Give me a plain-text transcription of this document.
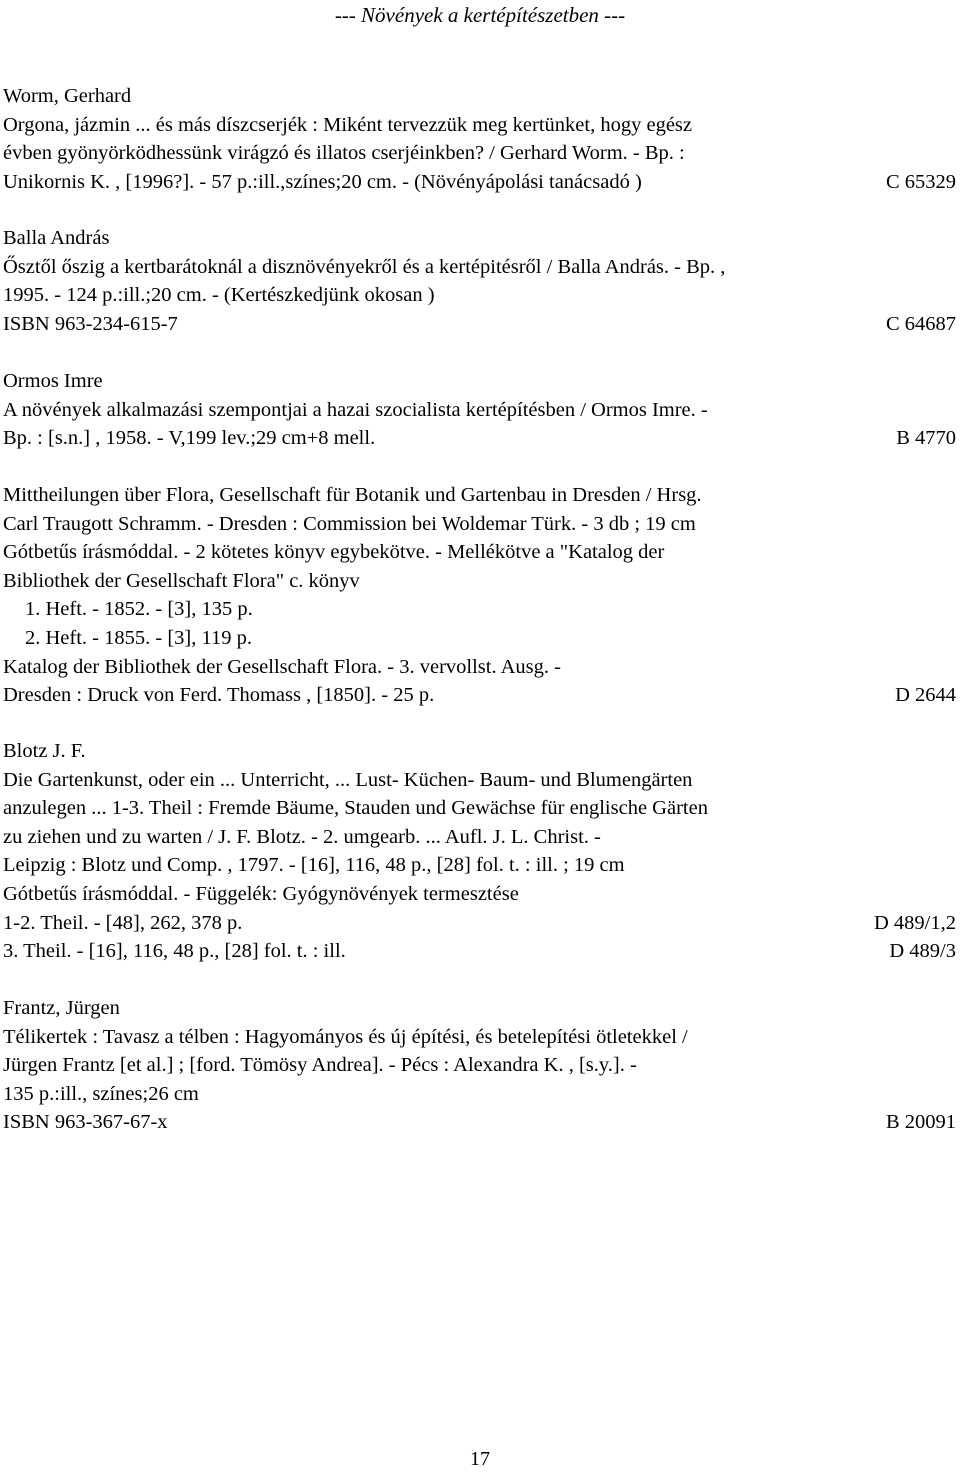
--- Növények a kertépítészetben ---
Worm, Gerhard
Orgona, jázmin ... és más díszcserjék : Miként tervezzük meg kertünket, hogy egész
évben gyönyörködhessünk virágzó és illatos cserjéinkben? / Gerhard Worm. - Bp. :
Unikornis K. , [1996?]. - 57 p.:ill.,színes;20 cm. - (Növényápolási tanácsadó )	C 65329
Balla András
Ősztől őszig a kertbarátoknál a disznövényekről és a kertépitésről / Balla András. - Bp. ,
1995. - 124 p.:ill.;20 cm. - (Kertészkedjünk okosan )
ISBN 963-234-615-7	C 64687
Ormos Imre
A növények alkalmazási szempontjai a hazai szocialista kertépítésben / Ormos Imre. -
Bp. : [s.n.] , 1958. - V,199 lev.;29 cm+8 mell.	B 4770
Mittheilungen über Flora, Gesellschaft für Botanik und Gartenbau in Dresden / Hrsg.
Carl Traugott Schramm. - Dresden : Commission bei Woldemar Türk. - 3 db ; 19 cm
Gótbetűs írásmóddal. - 2 kötetes könyv egybekötve. - Mellékötve a "Katalog der
Bibliothek der Gesellschaft Flora" c. könyv
1. Heft. - 1852. - [3], 135 p.
2. Heft. - 1855. - [3], 119 p.
Katalog der Bibliothek der Gesellschaft Flora. - 3. vervollst. Ausg. -
Dresden : Druck von Ferd. Thomass , [1850]. - 25 p.	D 2644
Blotz J. F.
Die Gartenkunst, oder ein ... Unterricht, ... Lust- Küchen- Baum- und Blumengärten
anzulegen ... 1-3. Theil : Fremde Bäume, Stauden und Gewächse für englische Gärten
zu ziehen und zu warten / J. F. Blotz. - 2. umgearb. ... Aufl. J. L. Christ. -
Leipzig : Blotz und Comp. , 1797. - [16], 116, 48 p., [28] fol. t. : ill. ; 19 cm
Gótbetűs írásmóddal. - Függelék: Gyógynövények termesztése
1-2. Theil. - [48], 262, 378 p.	D 489/1,2
3. Theil. - [16], 116, 48 p., [28] fol. t. : ill.	D 489/3
Frantz, Jürgen
Télikertek : Tavasz a télben : Hagyományos és új építési, és betelepítési ötletekkel /
Jürgen Frantz [et al.] ; [ford. Tömösy Andrea]. - Pécs : Alexandra K. , [s.y.]. -
135 p.:ill., színes;26 cm
ISBN 963-367-67-x	B 20091
17
